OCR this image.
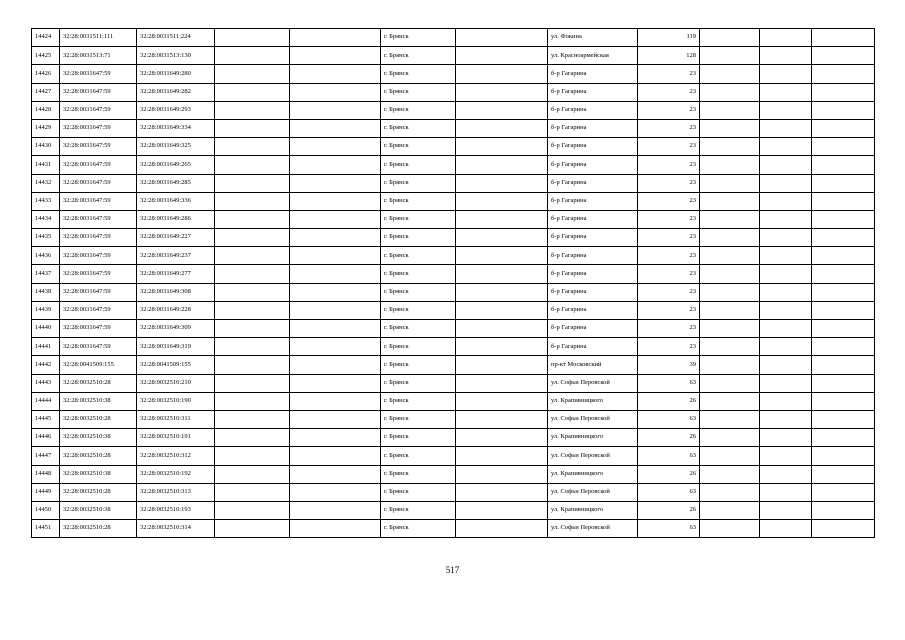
14424	32:28:0031511:111	32:28:0031511:224			г. Брянск		ул. Фокина	119			
14425	32:28:0031513:71	32:28:0031513:130			г. Брянск		ул. Красноармейская	128			
14426	32:28:0031647:59	32:28:0031649:280			г. Брянск		б-р Гагарина	23			
14427	32:28:0031647:59	32:28:0031649:282			г. Брянск		б-р Гагарина	23			
14428	32:28:0031647:59	32:28:0031649:293			г. Брянск		б-р Гагарина	23			
14429	32:28:0031647:59	32:28:0031649:334			г. Брянск		б-р Гагарина	23			
14430	32:28:0031647:59	32:28:0031649:325			г. Брянск		б-р Гагарина	23			
14431	32:28:0031647:59	32:28:0031649:265			г. Брянск		б-р Гагарина	23			
14432	32:28:0031647:59	32:28:0031649:285			г. Брянск		б-р Гагарина	23			
14433	32:28:0031647:59	32:28:0031649:336			г. Брянск		б-р Гагарина	23			
14434	32:28:0031647:59	32:28:0031649:286			г. Брянск		б-р Гагарина	23			
14435	32:28:0031647:59	32:28:0031649:227			г. Брянск		б-р Гагарина	23			
14436	32:28:0031647:59	32:28:0031649:237			г. Брянск		б-р Гагарина	23			
14437	32:28:0031647:59	32:28:0031649:277			г. Брянск		б-р Гагарина	23			
14438	32:28:0031647:59	32:28:0031649:308			г. Брянск		б-р Гагарина	23			
14439	32:28:0031647:59	32:28:0031649:228			г. Брянск		б-р Гагарина	23			
14440	32:28:0031647:59	32:28:0031649:309			г. Брянск		б-р Гагарина	23			
14441	32:28:0031647:59	32:28:0031649:319			г. Брянск		б-р Гагарина	23			
14442	32:28:0041509:155	32:28:0041509:155			г. Брянск		пр-кт Московский	39			
14443	32:28:0032510:28	32:28:0032510:210			г. Брянск		ул. Софьи Перовской	63			
14444	32:28:0032510:38	32:28:0032510:190			г. Брянск		ул. Крапивницкого	26			
14445	32:28:0032510:28	32:28:0032510:311			г. Брянск		ул. Софьи Перовской	63			
14446	32:28:0032510:38	32:28:0032510:191			г. Брянск		ул. Крапивницкого	26			
14447	32:28:0032510:28	32:28:0032510:312			г. Брянск		ул. Софьи Перовской	63			
14448	32:28:0032510:38	32:28:0032510:192			г. Брянск		ул. Крапивницкого	26			
14449	32:28:0032510:28	32:28:0032510:313			г. Брянск		ул. Софьи Перовской	63			
14450	32:28:0032510:38	32:28:0032510:193			г. Брянск		ул. Крапивницкого	26			
14451	32:28:0032510:28	32:28:0032510:314			г. Брянск		ул. Софьи Перовской	63			
517
